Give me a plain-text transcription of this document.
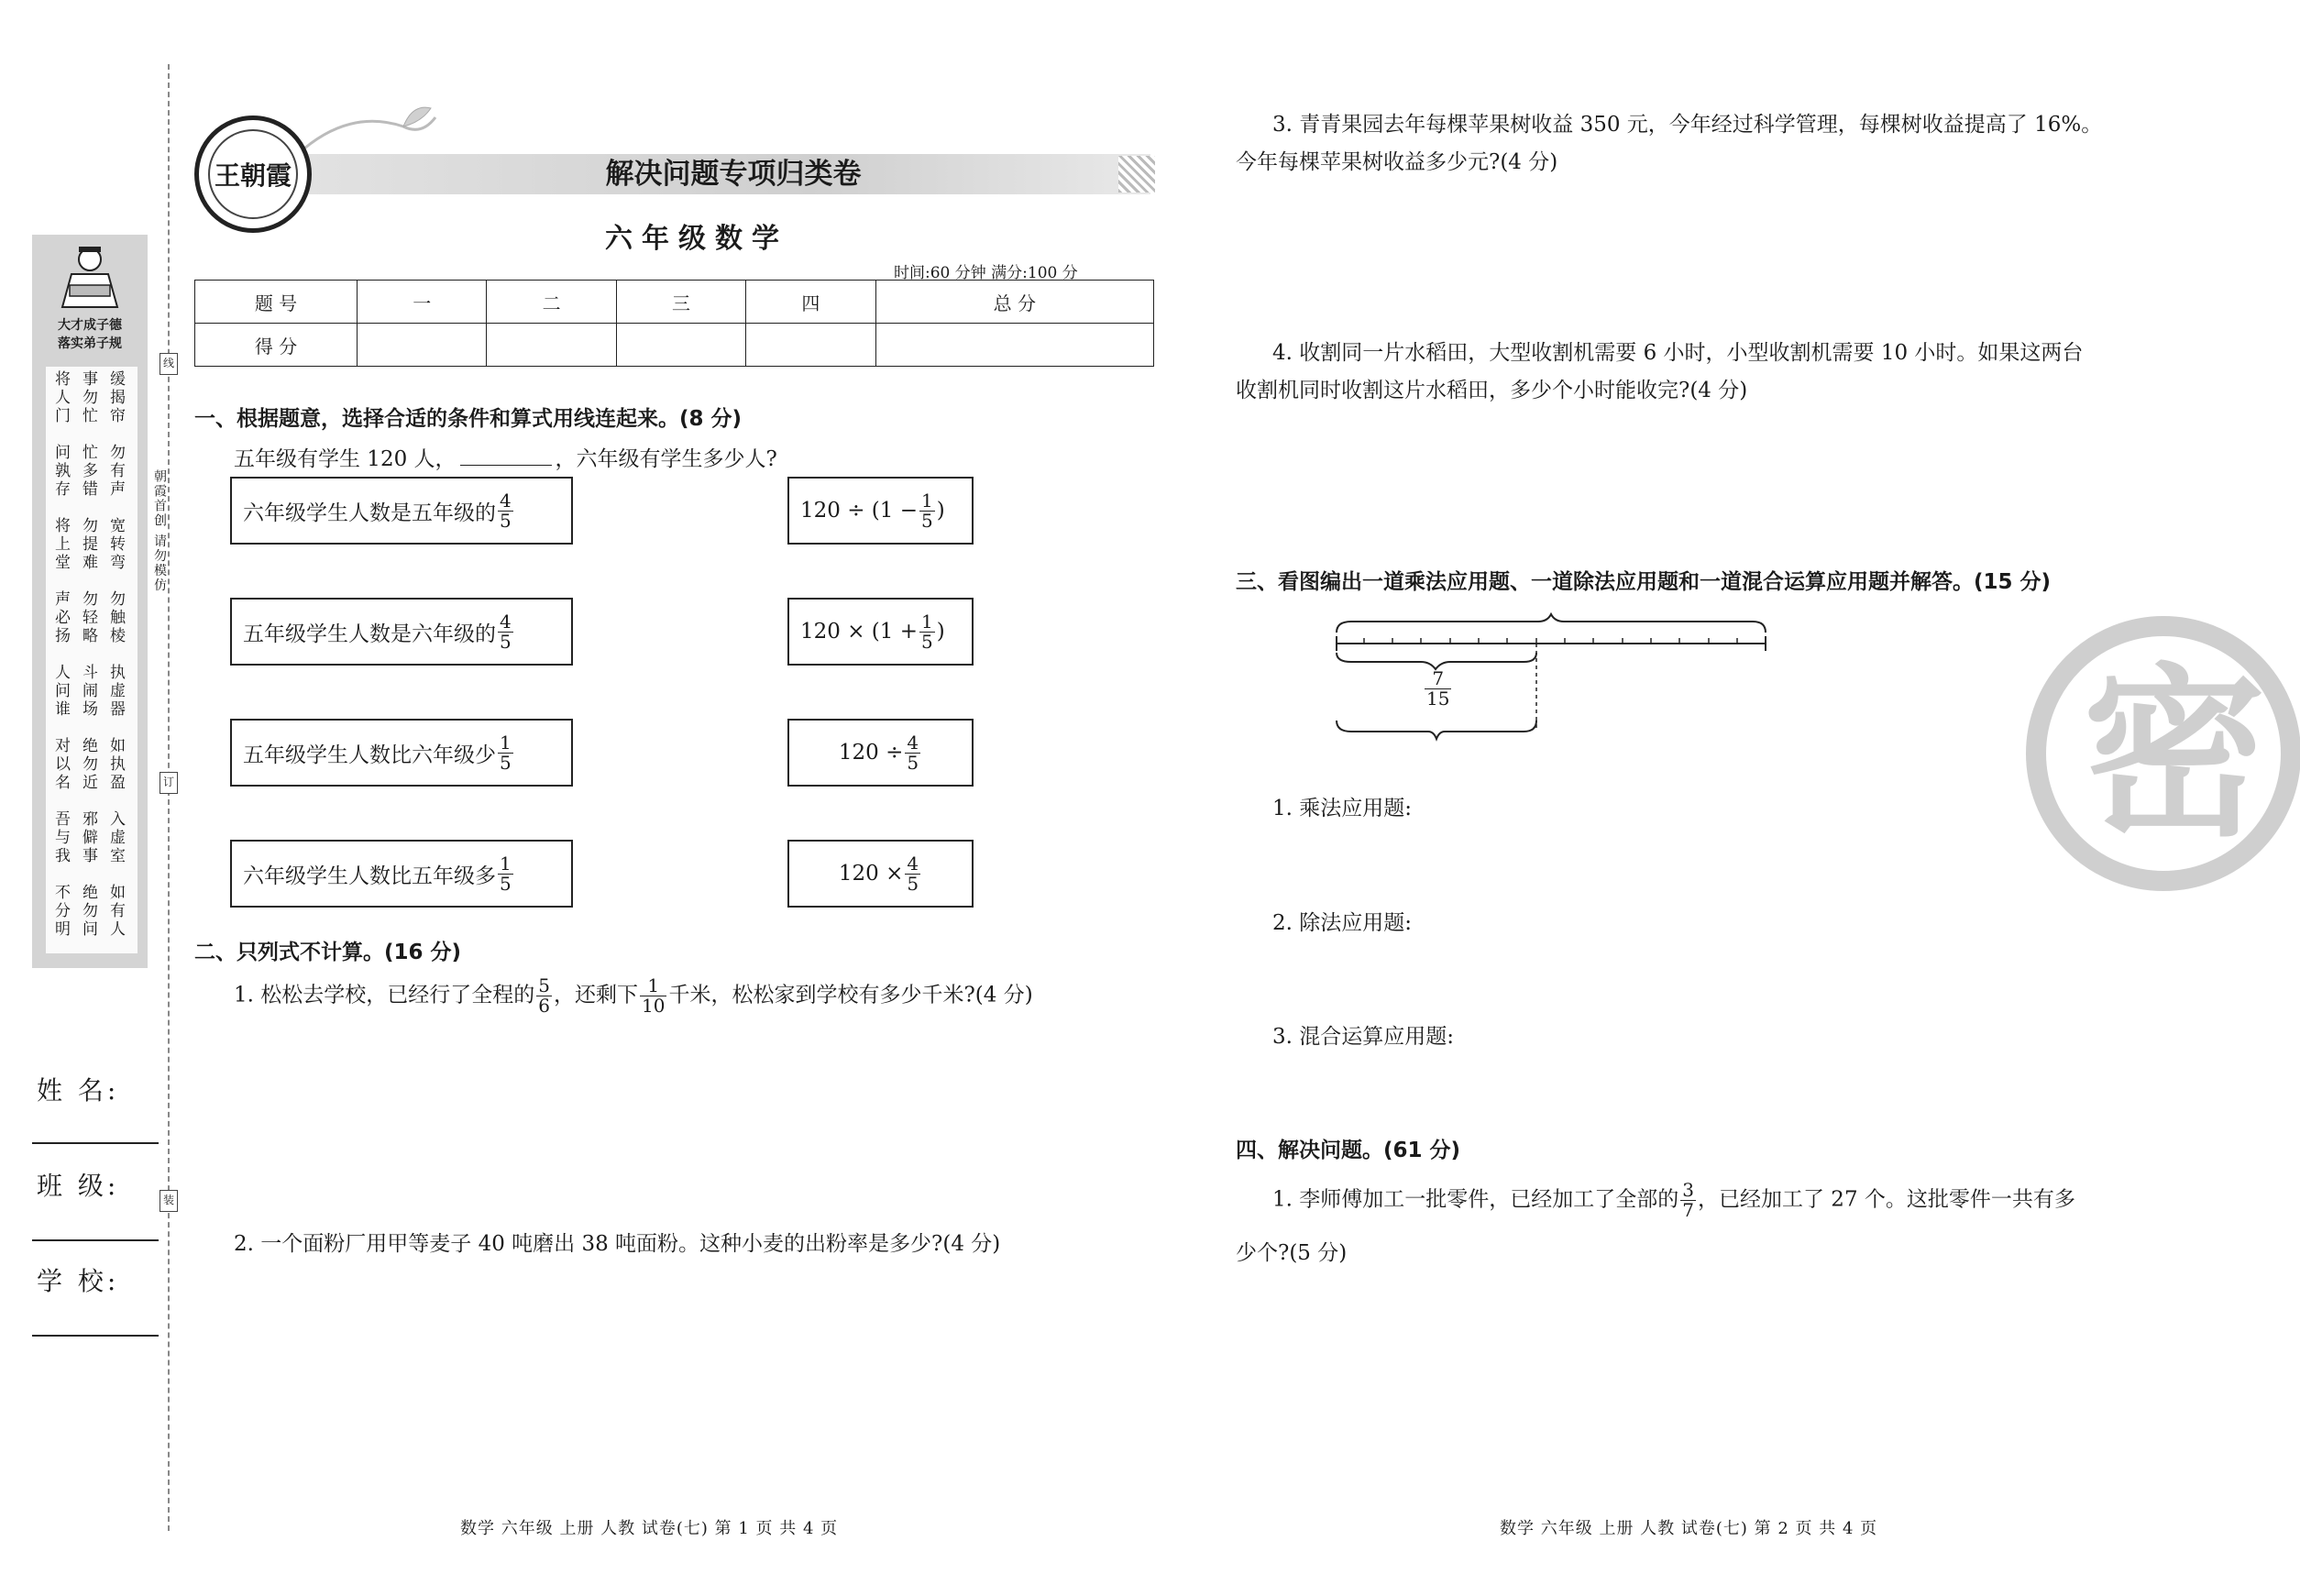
大才成子德
落实弟子规
将人门 事勿忙 缓揭帘
问孰存 忙多错 勿有声
将上堂 勿提难 宽转弯
声必扬 勿轻略 勿触棱
人问谁 斗闹场 执虚器
对以名 绝勿近 如执盈
吾与我 邪僻事 入虚室
不分明 绝勿问 如有人
朝霞首创 请勿模仿
线
订
装
姓 名:
班 级:
学 校:
王朝霞	解决问题专项归类卷
六年级数学
时间:60 分钟 满分:100 分
题 号	一	二	三	四	总 分
得 分					
一、根据题意，选择合适的条件和算式用线连起来。(8 分)
五年级有学生 120 人，	，六年级有学生多少人?
六年级学生人数是五年级的 $\frac{4}{5}$
五年级学生人数是六年级的 $\frac{4}{5}$
五年级学生人数比六年级少 $\frac{1}{5}$
六年级学生人数比五年级多 $\frac{1}{5}$
$120 \div (1 - \frac{1}{5}$ )
$120 \times (1 + \frac{1}{5}$ )
$120 \div \frac{4}{5}$
$120 \times \frac{4}{5}$
二、只列式不计算。(16 分)
1. 松松去学校，已经行了全程的 $\frac{5}{6}$ ，还剩下 $\frac{1}{10}$ 千米，松松家到学校有多少千米?(4 分)
2. 一个面粉厂用甲等麦子 40 吨磨出 38 吨面粉。这种小麦的出粉率是多少?(4 分)
3. 青青果园去年每棵苹果树收益 350 元，今年经过科学管理，每棵树收益提高了 16%。
今年每棵苹果树收益多少元?(4 分)
4. 收割同一片水稻田，大型收割机需要 6 小时，小型收割机需要 10 小时。如果这两台
收割机同时收割这片水稻田，多少个小时能收完?(4 分)
三、看图编出一道乘法应用题、一道除法应用题和一道混合运算应用题并解答。(15 分)
$\frac{7}{15}$
1. 乘法应用题:
2. 除法应用题:
3. 混合运算应用题:
四、解决问题。(61 分)
1. 李师傅加工一批零件，已经加工了全部的 $\frac{3}{7}$ ，已经加工了 27 个。这批零件一共有多
少个?(5 分)
密
数学 六年级 上册 人教 试卷(七) 第 1 页 共 4 页	数学 六年级 上册 人教 试卷(七) 第 2 页 共 4 页
